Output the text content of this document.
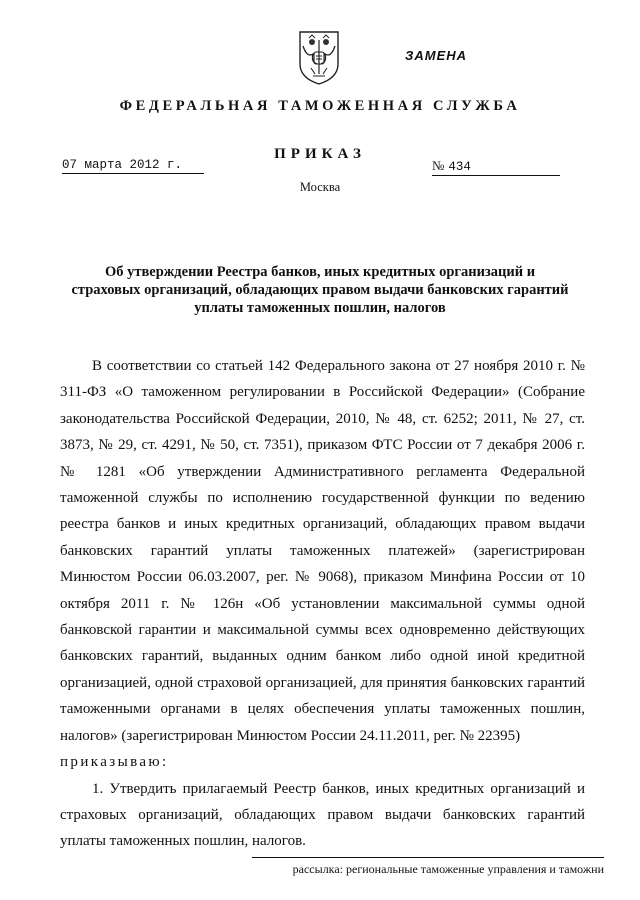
ЗАМЕНА
ФЕДЕРАЛЬНАЯ ТАМОЖЕННАЯ СЛУЖБА
ПРИКАЗ
07 марта 2012 г.	№ 434
Москва
Об утверждении Реестра банков, иных кредитных организаций и страховых организаций, обладающих правом выдачи банковских гарантий уплаты таможенных пошлин, налогов

В соответствии со статьей 142 Федерального закона от 27 ноября 2010 г. № 311-ФЗ «О таможенном регулировании в Российской Федерации» (Собрание законодательства Российской Федерации, 2010, № 48, ст. 6252; 2011, № 27, ст. 3873, № 29, ст. 4291, № 50, ст. 7351), приказом ФТС России от 7 декабря 2006 г. № 1281 «Об утверждении Административного регламента Федеральной таможенной службы по исполнению государственной функции по ведению реестра банков и иных кредитных организаций, обладающих правом выдачи банковских гарантий уплаты таможенных платежей» (зарегистрирован Минюстом России 06.03.2007, рег. № 9068), приказом Минфина России от 10 октября 2011 г. № 126н «Об установлении максимальной суммы одной банковской гарантии и максимальной суммы всех одновременно действующих банковских гарантий, выданных одним банком либо одной иной кредитной организацией, одной страховой организацией, для принятия банковских гарантий таможенными органами в целях обеспечения уплаты таможенных пошлин, налогов» (зарегистрирован Минюстом России 24.11.2011, рег. № 22395)

приказываю:

1. Утвердить прилагаемый Реестр банков, иных кредитных организаций и страховых организаций, обладающих правом выдачи банковских гарантий уплаты таможенных пошлин, налогов.

рассылка: региональные таможенные управления и таможни
